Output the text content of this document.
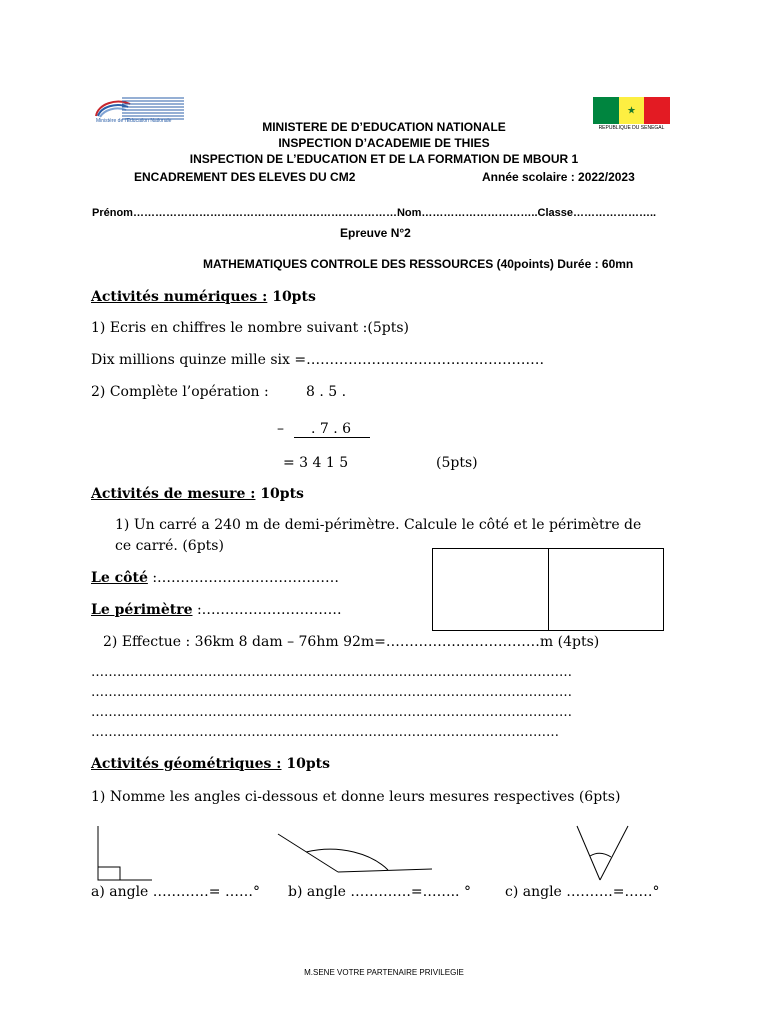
Ministère de l'Education Nationale
★
REPUBLIQUE DU SENEGAL
MINISTERE DE D’EDUCATION NATIONALE
INSPECTION D’ACADEMIE DE THIES
INSPECTION DE L’EDUCATION ET DE LA FORMATION DE MBOUR 1
ENCADREMENT DES ELEVES DU CM2	Année scolaire : 2022/2023
Prénom………………………………………………………………Nom…………………………..Classe…………………..
Epreuve N°2
MATHEMATIQUES CONTROLE DES RESSOURCES (40points) Durée : 60mn
Activités numériques : 10pts
1) Ecris en chiffres le nombre suivant :(5pts)
Dix millions quinze mille six =……………………………………………
2) Complète l’opération :	8 . 5 .
– . 7 . 6
= 3 4 1 5	(5pts)
Activités de mesure : 10pts
1) Un carré a 240 m de demi-périmètre. Calcule le côté et le périmètre de
ce carré. (6pts)
Le côté :…………………………………
Le périmètre :…………………………
2) Effectue : 36km 8 dam – 76hm 92m=……………………………m (4pts)
…………………………………………………………………………………………………
…………………………………………………………………………………………………
…………………………………………………………………………………………………
………………………………………………………………………………………………
Activités géométriques : 10pts
1) Nomme les angles ci-dessous et donne leurs mesures respectives (6pts)
a) angle …………= ……° b) angle ………….=…….. ° c) angle ……….=……°
M.SENE VOTRE PARTENAIRE PRIVILEGIE
